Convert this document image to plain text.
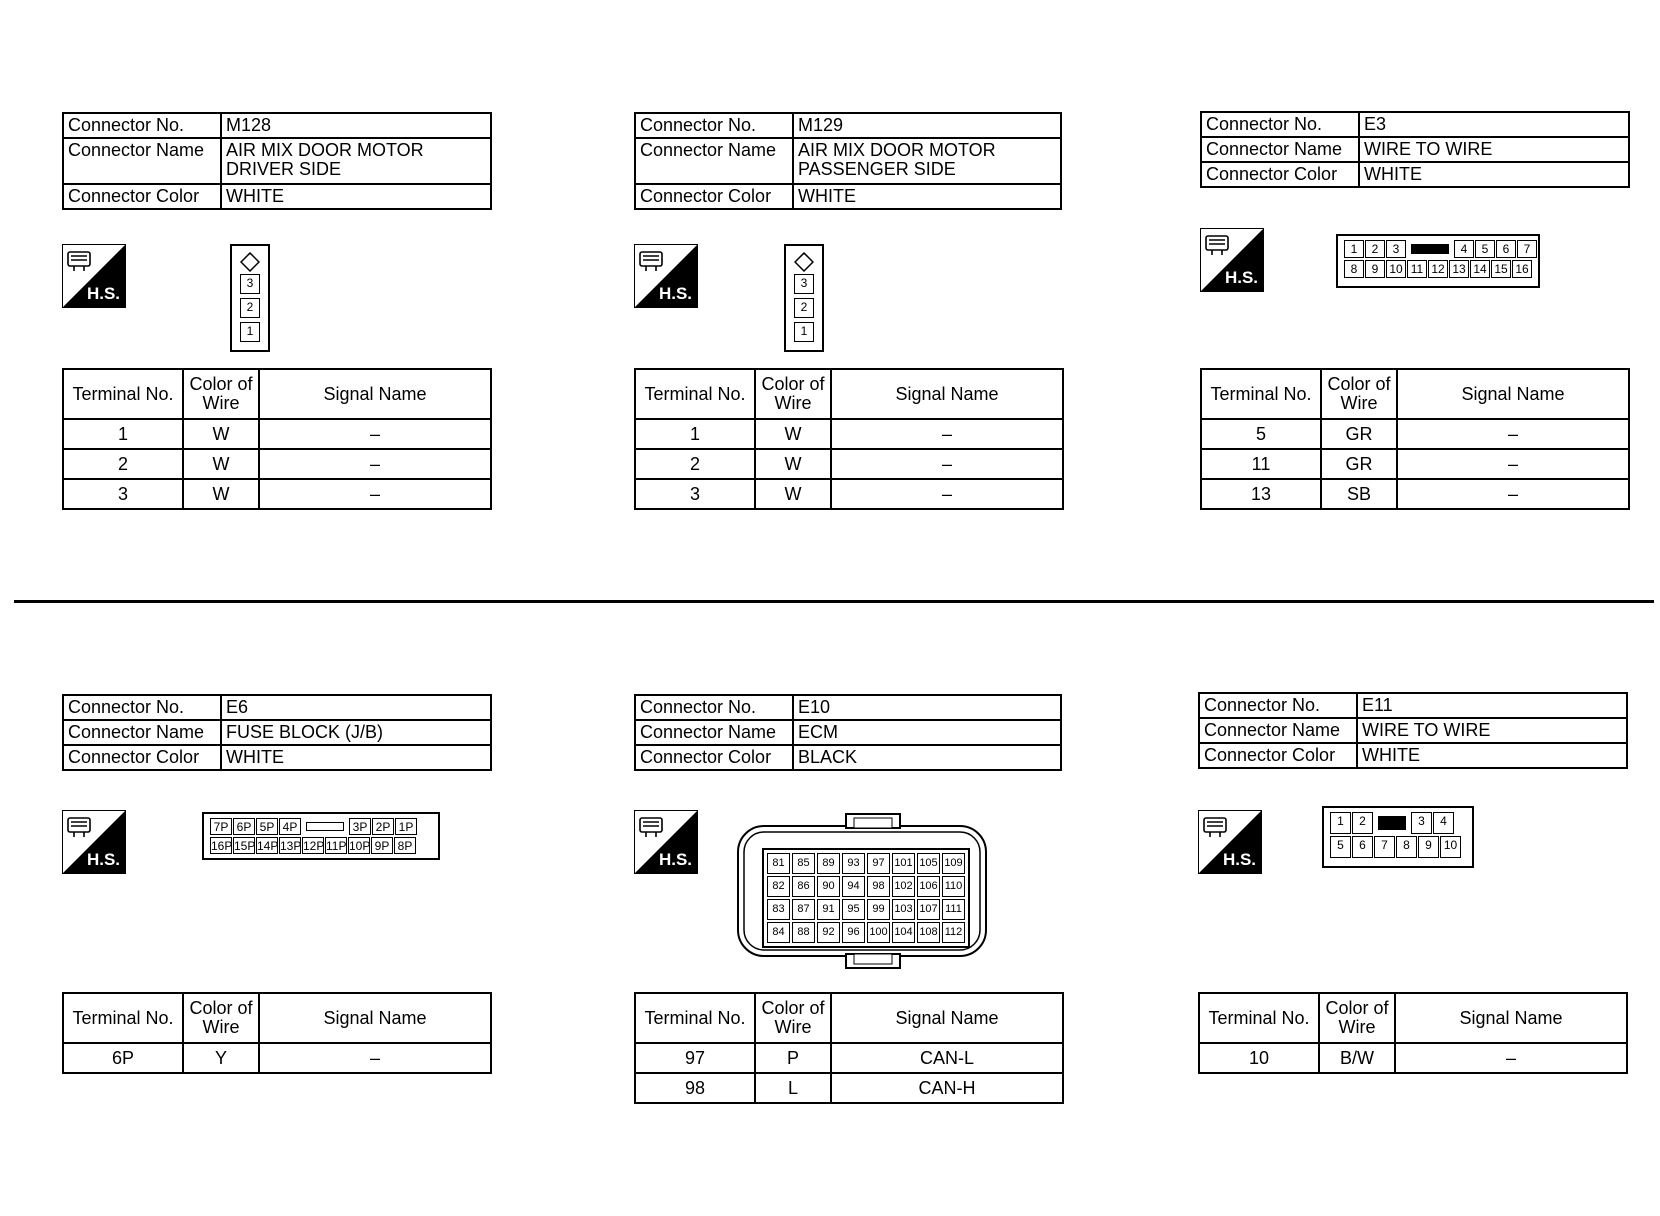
Connector No.	M128
Connector Name	AIR MIX DOOR MOTOR DRIVER SIDE
Connector Color	WHITE
Connector No.	M129
Connector Name	AIR MIX DOOR MOTOR PASSENGER SIDE
Connector Color	WHITE
Connector No.	E3
Connector Name	WIRE TO WIRE
Connector Color	WHITE
Connector No.	E6
Connector Name	FUSE BLOCK (J/B)
Connector Color	WHITE
Connector No.	E10
Connector Name	ECM
Connector Color	BLACK
Connector No.	E11
Connector Name	WIRE TO WIRE
Connector Color	WHITE
H.S.	H.S.
H.S.
H.S.	H.S.	H.S.
3
2
1
3
2
1
1	2	3	4	5	6	7
8	9 10 11 12 13 14 15 16
7P 6P 5P 4P	3P 2P 1P
16P 15P 14P 13P 12P 11P 10P 9P 8P
1	2	3	4
5	6	7	8	9 10
81	85	89	93	97 101 105 109
82	86	90	94	98 102 106 110
83	87	91	95	99 103 107 111
84	88	92	96 100 104 108 112
Terminal No.	Color of Wire	Signal Name
1	W	–
2	W	–
3	W	–
Terminal No.	Color of Wire	Signal Name
1	W	–
2	W	–
3	W	–
Terminal No.	Color of Wire	Signal Name
5	GR	–
11	GR	–
13	SB	–
Terminal No.	Color of Wire	Signal Name
6P	Y	–
Terminal No.	Color of Wire	Signal Name
97	P	CAN-L
98	L	CAN-H
Terminal No.	Color of Wire	Signal Name
10	B/W	–
